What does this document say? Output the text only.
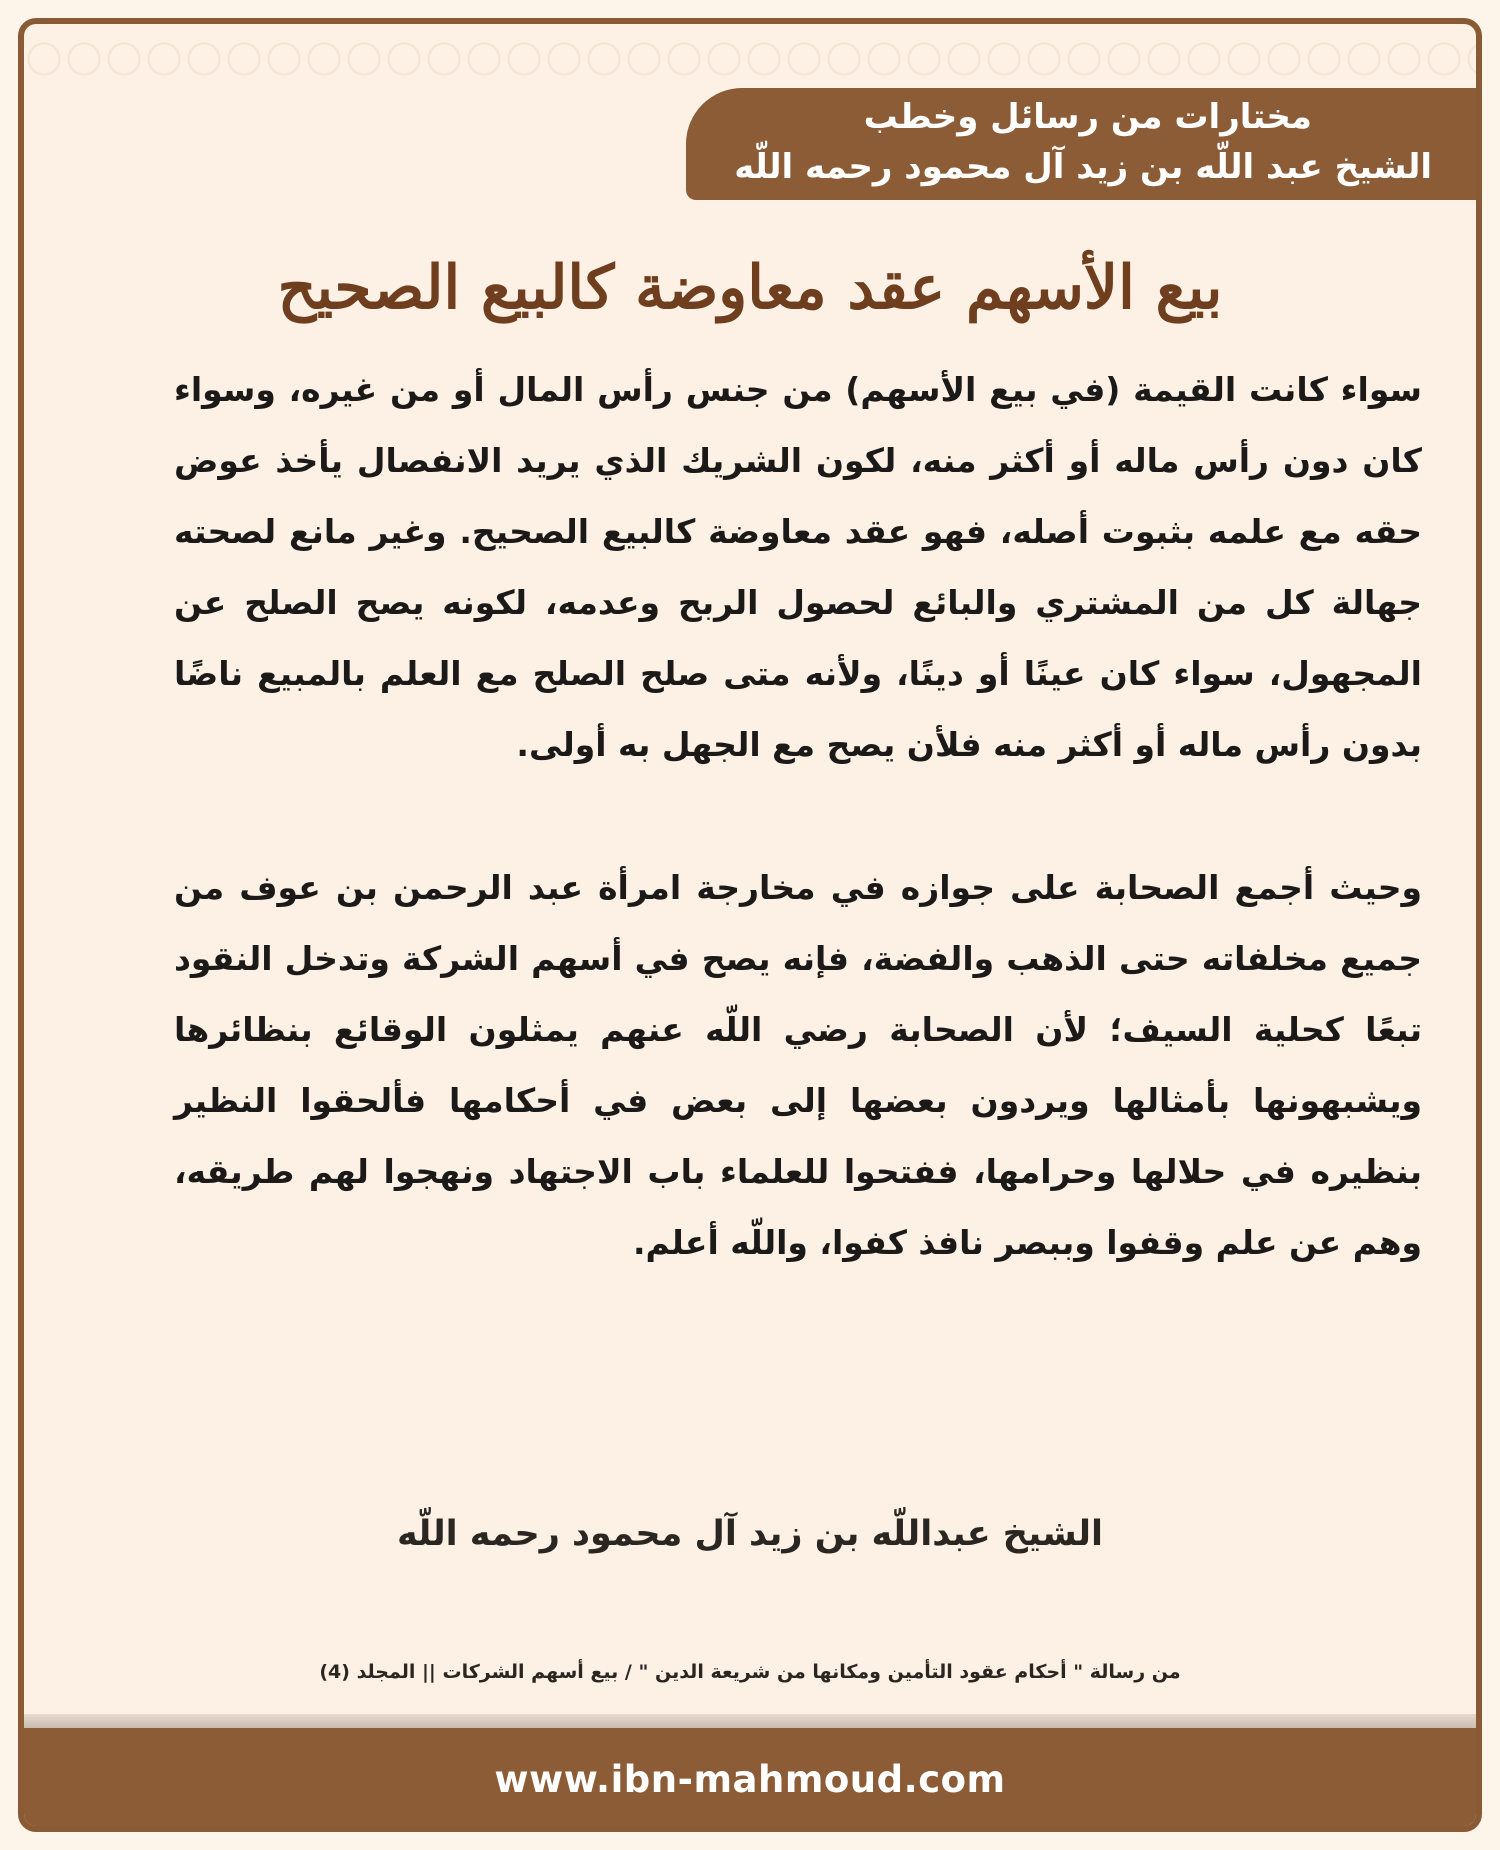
مختارات من رسائل وخطب
الشيخ عبد اللّه بن زيد آل محمود رحمه اللّه
بيع الأسهم عقد معاوضة كالبيع الصحيح

سواء كانت القيمة (في بيع الأسهم) من جنس رأس المال أو من غيره، وسواء كان دون رأس ماله أو أكثر منه، لكون الشريك الذي يريد الانفصال يأخذ عوض حقه مع علمه بثبوت أصله، فهو عقد معاوضة كالبيع الصحيح. وغير مانع لصحته جهالة كل من المشتري والبائع لحصول الربح وعدمه، لكونه يصح الصلح عن المجهول، سواء كان عينًا أو دينًا، ولأنه متى صلح الصلح مع العلم بالمبيع ناضًا بدون رأس ماله أو أكثر منه فلأن يصح مع الجهل به أولى.

وحيث أجمع الصحابة على جوازه في مخارجة امرأة عبد الرحمن بن عوف من جميع مخلفاته حتى الذهب والفضة، فإنه يصح في أسهم الشركة وتدخل النقود تبعًا كحلية السيف؛ لأن الصحابة رضي اللّه عنهم يمثلون الوقائع بنظائرها ويشبهونها بأمثالها ويردون بعضها إلى بعض في أحكامها فألحقوا النظير بنظيره في حلالها وحرامها، ففتحوا للعلماء باب الاجتهاد ونهجوا لهم طريقه، وهم عن علم وقفوا وببصر نافذ كفوا، واللّه أعلم.

الشيخ عبداللّه بن زيد آل محمود رحمه اللّه
من رسالة " أحكام عقود التأمين ومكانها من شريعة الدين " / بيع أسهم الشركات || المجلد (4)
www.ibn-mahmoud.com
